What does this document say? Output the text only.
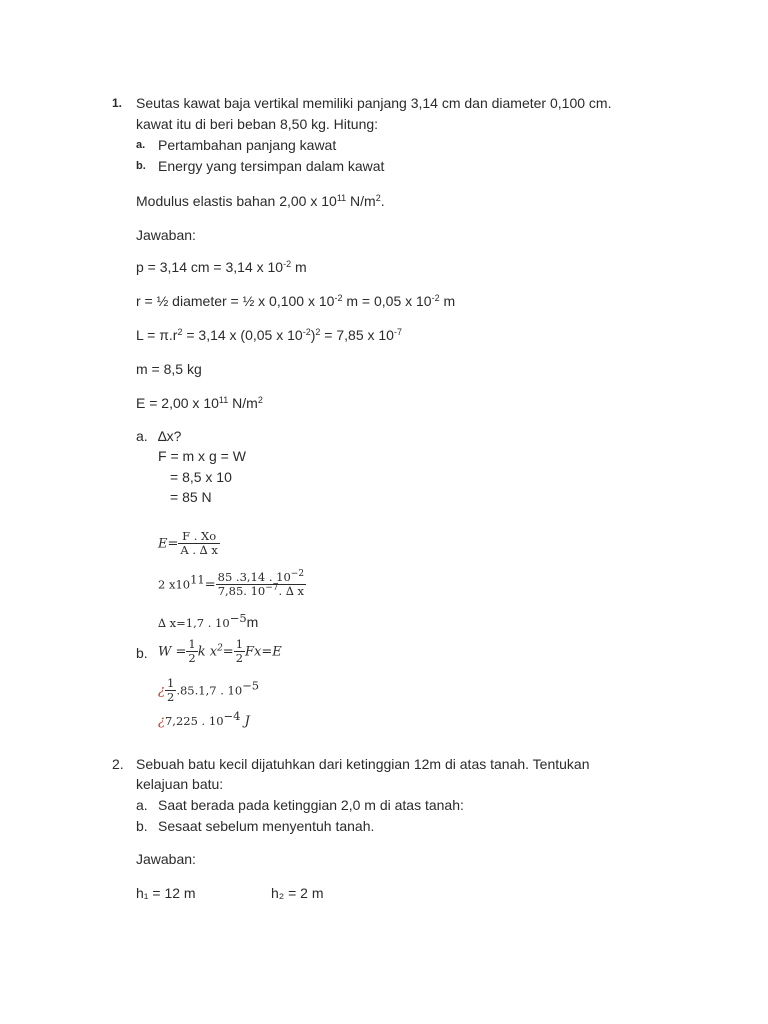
1. Seutas kawat baja vertikal memiliki panjang 3,14 cm dan diameter 0,100 cm.
kawat itu di beri beban 8,50 kg. Hitung:
a. Pertambahan panjang kawat
b. Energy yang tersimpan dalam kawat
Modulus elastis bahan 2,00 x $10^{11}$ $N/m^2$.
Jawaban:
p = 3,14 cm = 3,14 x $10^{-2}$ m
r = ½ diameter = ½ x 0,100 x $10^{-2}$ m = 0,05 x $10^{-2}$ m
$L = \pi.r^2 = 3,14$ x (0,05 x $10^{-2})^2 = 7,85$ x $10^{-7}$
m = 8,5 kg
E = 2,00 x $10^{11}$ $N/m^2$
a. ∆x?
F = m x g = W
= 8,5 x 10
= 85 N
$E= \frac{F . Xo}{A . \Delta x}$
2 $x10^{11}= \frac{85 .3,14 . 10^{-2}}{7,85. 10^{-7}. \Delta x}$
∆ x=1,7 . $10^{-5}m$
b. $W = \frac{1}{2}$ k $x^2= \frac{1}{2} Fx=E$
¿ $\frac{1}{2} .85.1,7$ . $10^{-5}$
¿7,225 . $10^{-4}$ J
2. Sebuah batu kecil dijatuhkan dari ketinggian 12m di atas tanah. Tentukan
kelajuan batu:
a. Saat berada pada ketinggian 2,0 m di atas tanah:
b. Sesaat sebelum menyentuh tanah.
Jawaban:
h₁ = 12 m	h₂ = 2 m
